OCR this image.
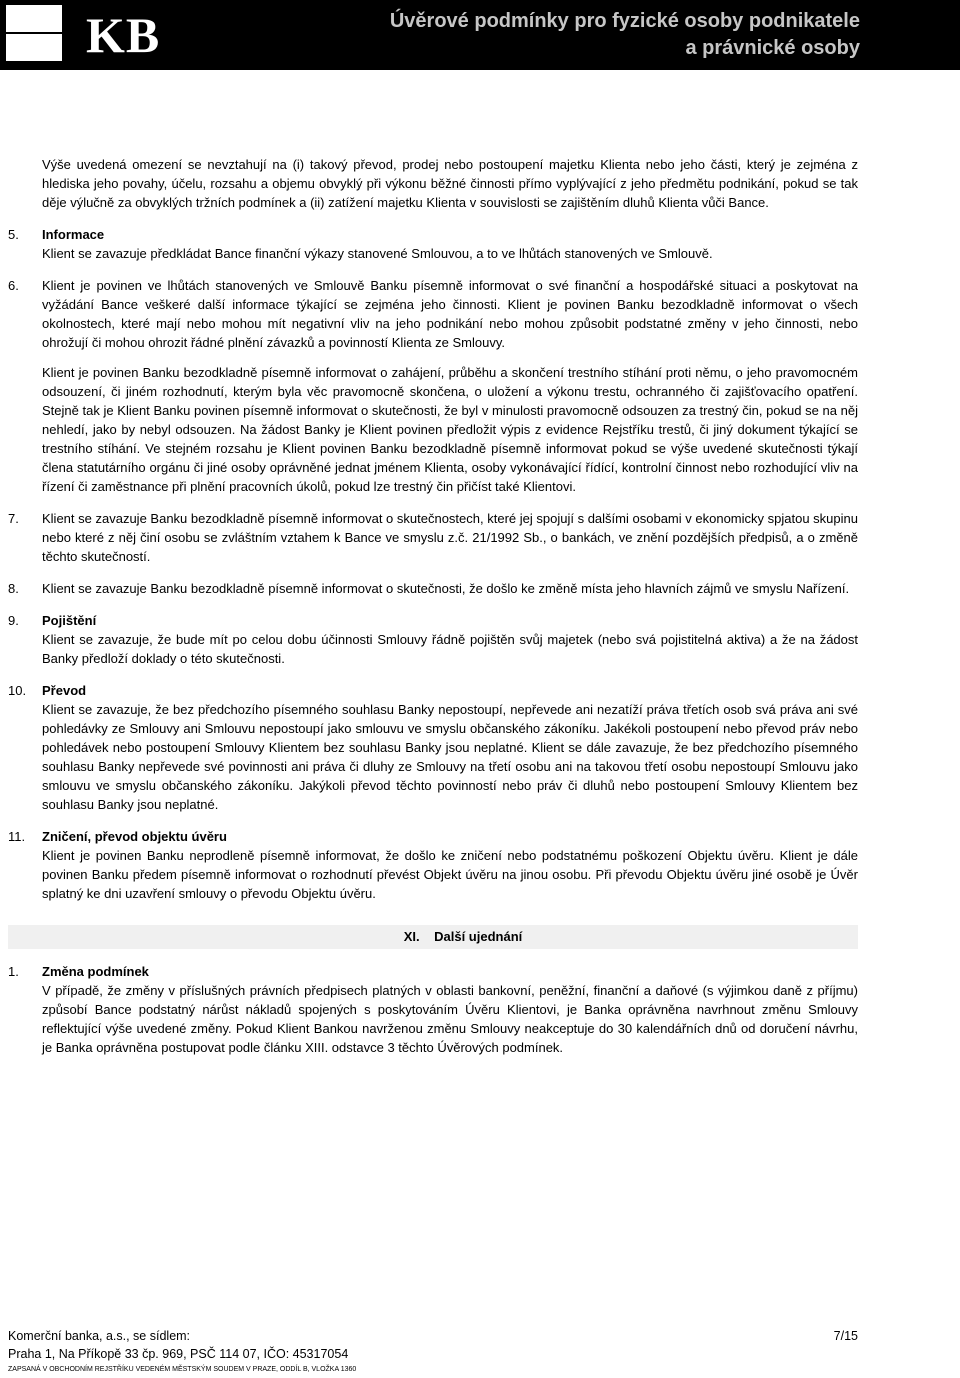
KB	Úvěrové podmínky pro fyzické osoby podnikatele
a právnické osoby

Výše uvedená omezení se nevztahují na (i) takový převod, prodej nebo postoupení majetku Klienta nebo jeho části, který je zejména z hlediska jeho povahy, účelu, rozsahu a objemu obvyklý při výkonu běžné činnosti přímo vyplývající z jeho předmětu podnikání, pokud se tak děje výlučně za obvyklých tržních podmínek a (ii) zatížení majetku Klienta v souvislosti se zajištěním dluhů Klienta vůči Bance.

5. Informace

Klient se zavazuje předkládat Bance finanční výkazy stanovené Smlouvou, a to ve lhůtách stanovených ve Smlouvě.

6. Klient je povinen ve lhůtách stanovených ve Smlouvě Banku písemně informovat o své finanční a hospodářské situaci a poskytovat na vyžádání Bance veškeré další informace týkající se zejména jeho činnosti. Klient je povinen Banku bezodkladně informovat o všech okolnostech, které mají nebo mohou mít negativní vliv na jeho podnikání nebo mohou způsobit podstatné změny v jeho činnosti, nebo ohrožují či mohou ohrozit řádné plnění závazků a povinností Klienta ze Smlouvy.

Klient je povinen Banku bezodkladně písemně informovat o zahájení, průběhu a skončení trestního stíhání proti němu, o jeho pravomocném odsouzení, či jiném rozhodnutí, kterým byla věc pravomocně skončena, o uložení a výkonu trestu, ochranného či zajišťovacího opatření. Stejně tak je Klient Banku povinen písemně informovat o skutečnosti, že byl v minulosti pravomocně odsouzen za trestný čin, pokud se na něj nehledí, jako by nebyl odsouzen. Na žádost Banky je Klient povinen předložit výpis z evidence Rejstříku trestů, či jiný dokument týkající se trestního stíhání. Ve stejném rozsahu je Klient povinen Banku bezodkladně písemně informovat pokud se výše uvedené skutečnosti týkají člena statutárního orgánu či jiné osoby oprávněné jednat jménem Klienta, osoby vykonávající řídící, kontrolní činnost nebo rozhodující vliv na řízení či zaměstnance při plnění pracovních úkolů, pokud lze trestný čin přičíst také Klientovi.

7. Klient se zavazuje Banku bezodkladně písemně informovat o skutečnostech, které jej spojují s dalšími osobami v ekonomicky spjatou skupinu nebo které z něj činí osobu se zvláštním vztahem k Bance ve smyslu z.č. 21/1992 Sb., o bankách, ve znění pozdějších předpisů, a o změně těchto skutečností.

8. Klient se zavazuje Banku bezodkladně písemně informovat o skutečnosti, že došlo ke změně místa jeho hlavních zájmů ve smyslu Nařízení.

9. Pojištění

Klient se zavazuje, že bude mít po celou dobu účinnosti Smlouvy řádně pojištěn svůj majetek (nebo svá pojistitelná aktiva) a že na žádost Banky předloží doklady o této skutečnosti.

10. Převod

Klient se zavazuje, že bez předchozího písemného souhlasu Banky nepostoupí, nepřevede ani nezatíží práva třetích osob svá práva ani své pohledávky ze Smlouvy ani Smlouvu nepostoupí jako smlouvu ve smyslu občanského zákoníku. Jakékoli postoupení nebo převod práv nebo pohledávek nebo postoupení Smlouvy Klientem bez souhlasu Banky jsou neplatné. Klient se dále zavazuje, že bez předchozího písemného souhlasu Banky nepřevede své povinnosti ani práva či dluhy ze Smlouvy na třetí osobu ani na takovou třetí osobu nepostoupí Smlouvu jako smlouvu ve smyslu občanského zákoníku. Jakýkoli převod těchto povinností nebo práv či dluhů nebo postoupení Smlouvy Klientem bez souhlasu Banky jsou neplatné.

11. Zničení, převod objektu úvěru

Klient je povinen Banku neprodleně písemně informovat, že došlo ke zničení nebo podstatnému poškození Objektu úvěru. Klient je dále povinen Banku předem písemně informovat o rozhodnutí převést Objekt úvěru na jinou osobu. Při převodu Objektu úvěru jiné osobě je Úvěr splatný ke dni uzavření smlouvy o převodu Objektu úvěru.

XI. Další ujednání
1. Změna podmínek

V případě, že změny v příslušných právních předpisech platných v oblasti bankovní, peněžní, finanční a daňové (s výjimkou daně z příjmu) způsobí Bance podstatný nárůst nákladů spojených s poskytováním Úvěru Klientovi, je Banka oprávněna navrhnout změnu Smlouvy reflektující výše uvedené změny. Pokud Klient Bankou navrženou změnu Smlouvy neakceptuje do 30 kalendářních dnů od doručení návrhu, je Banka oprávněna postupovat podle článku XIII. odstavce 3 těchto Úvěrových podmínek.

Komerční banka, a.s., se sídlem:	7/15
Praha 1, Na Příkopě 33 čp. 969, PSČ 114 07, IČO: 45317054
ZAPSANÁ V OBCHODNÍM REJSTŘÍKU VEDENÉM MĚSTSKÝM SOUDEM V PRAZE, ODDÍL B, VLOŽKA 1360
